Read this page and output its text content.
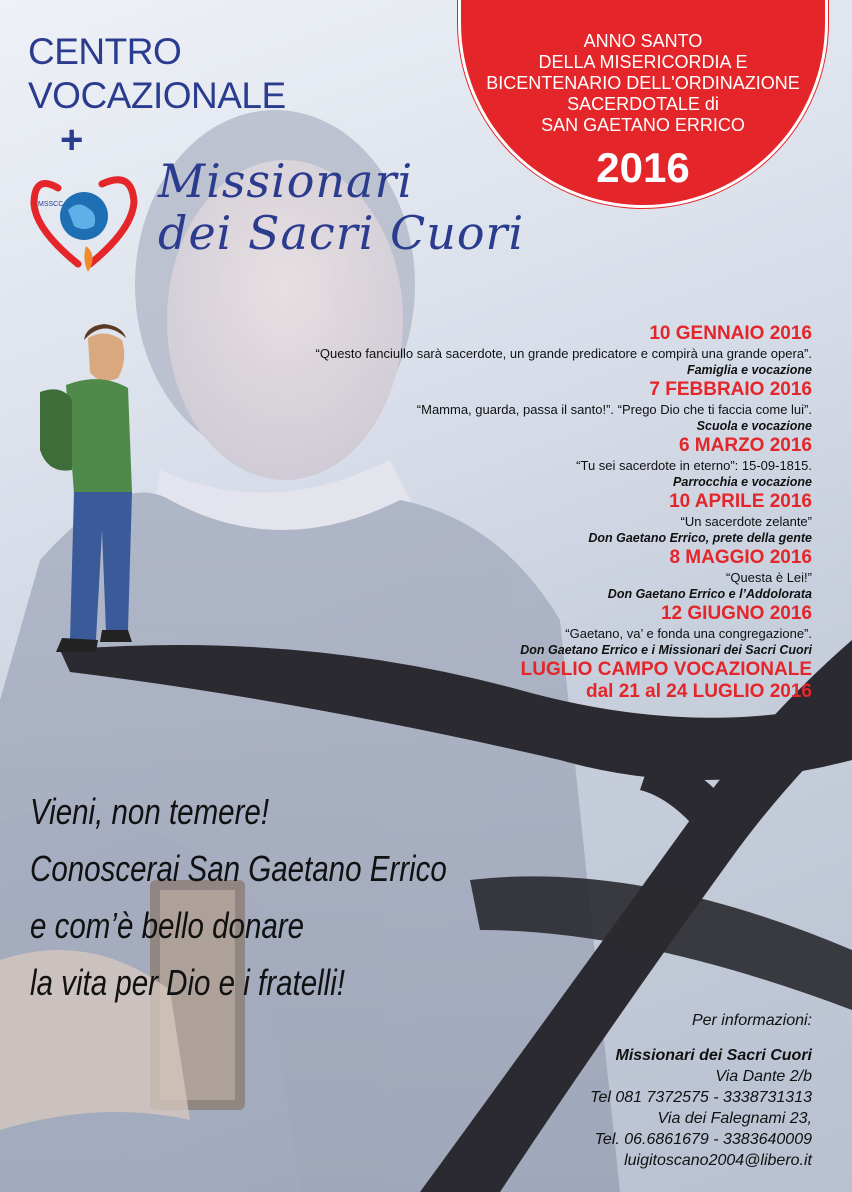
CENTRO
VOCAZIONALE
+
MSSCC Missionari
dei Sacri Cuori
ANNO SANTO
DELLA MISERICORDIA E
BICENTENARIO DELL'ORDINAZIONE
SACERDOTALE di
SAN GAETANO ERRICO
2016
10 GENNAIO 2016
“Questo fanciullo sarà sacerdote, un grande predicatore e compirà una grande opera”.
Famiglia e vocazione
7 FEBBRAIO 2016
“Mamma, guarda, passa il santo!”. “Prego Dio che ti faccia come lui”.
Scuola e vocazione
6 MARZO 2016
“Tu sei sacerdote in eterno”: 15-09-1815.
Parrocchia e vocazione
10 APRILE 2016
“Un sacerdote zelante”
Don Gaetano Errico, prete della gente
8 MAGGIO 2016
“Questa è Lei!”
Don Gaetano Errico e l’Addolorata
12 GIUGNO 2016
“Gaetano, va’ e fonda una congregazione”.
Don Gaetano Errico e i Missionari dei Sacri Cuori
LUGLIO CAMPO VOCAZIONALE
dal 21 al 24 LUGLIO 2016
Vieni, non temere!
Conoscerai San Gaetano Errico
e com’è bello donare
la vita per Dio e i fratelli!
Per informazioni:
Missionari dei Sacri Cuori
Via Dante 2/b
Tel 081 7372575 - 3338731313
Via dei Falegnami 23,
Tel. 06.6861679 - 3383640009
luigitoscano2004@libero.it
